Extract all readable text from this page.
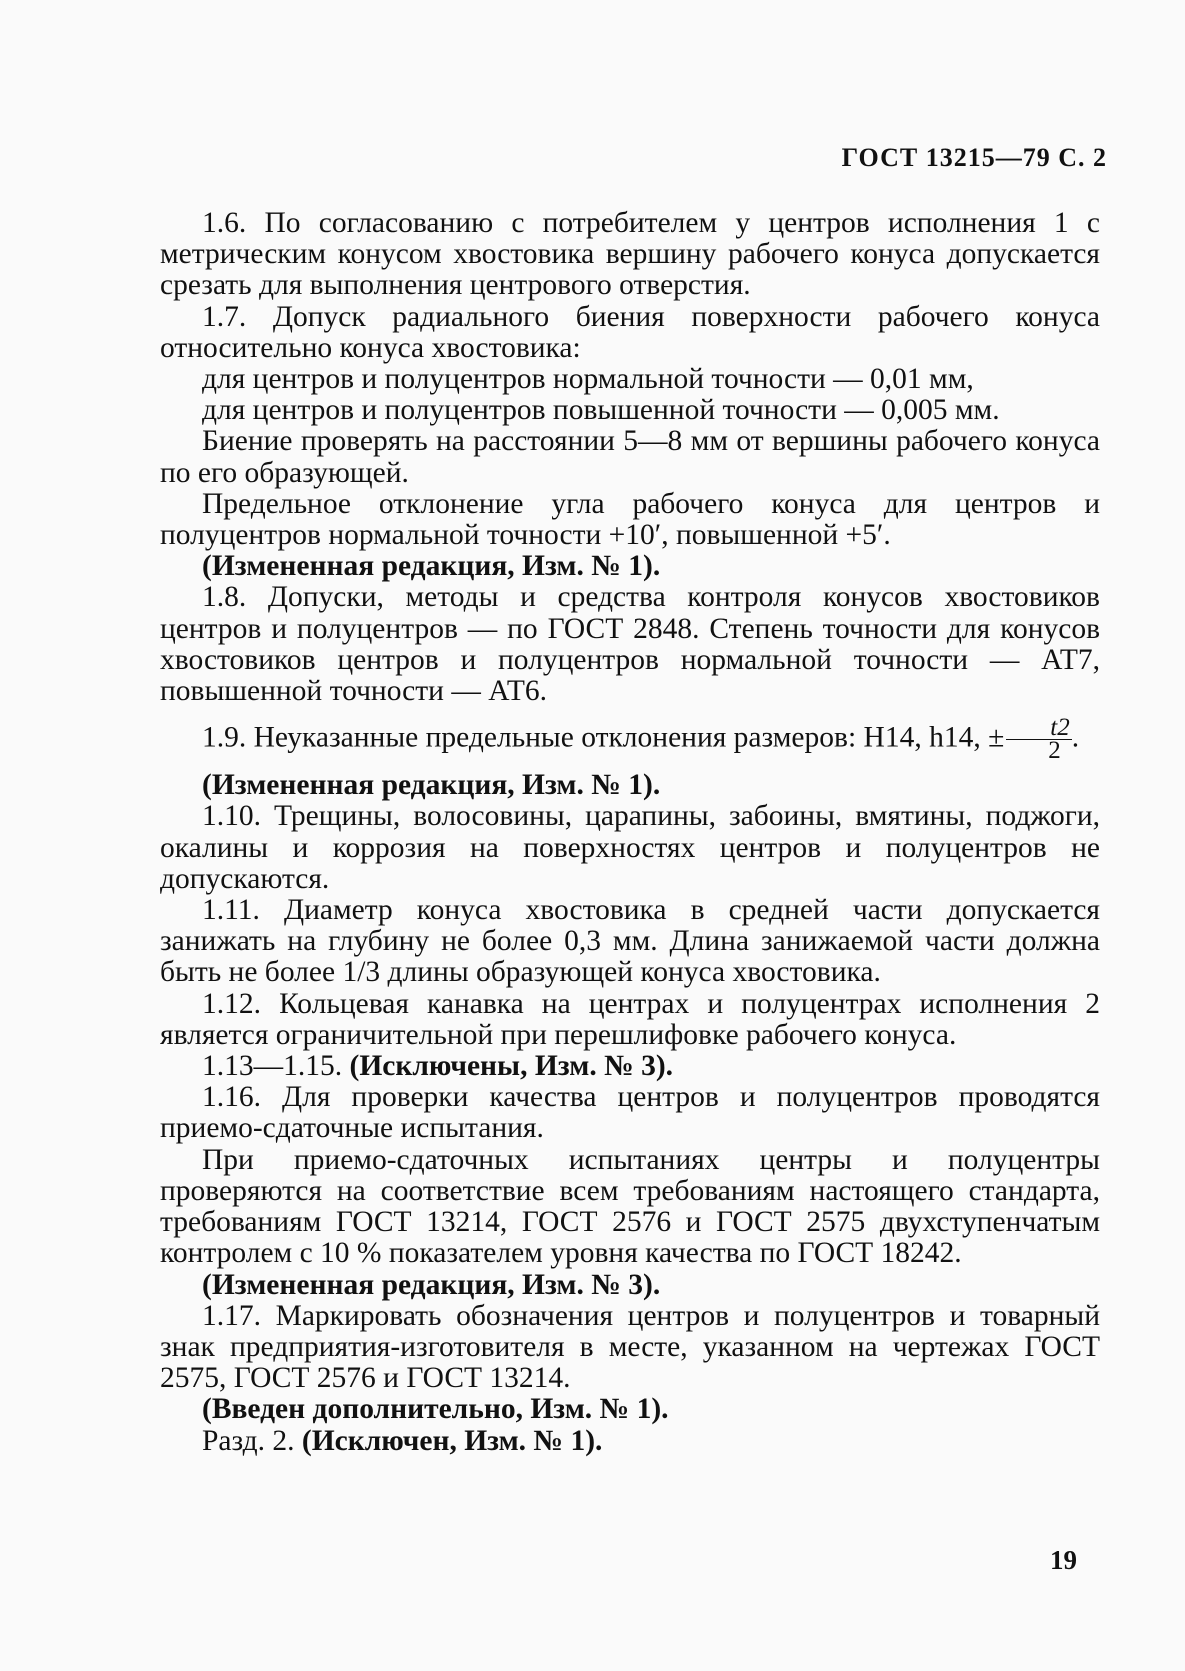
ГОСТ 13215—79 С. 2

1.6. По согласованию с потребителем у центров исполнения 1 с метрическим конусом хвостовика вершину рабочего конуса допускается срезать для выполнения центрового отверстия.

1.7. Допуск радиального биения поверхности рабочего конуса относительно конуса хвостовика:

для центров и полуцентров нормальной точности — 0,01 мм,

для центров и полуцентров повышенной точности — 0,005 мм.

Биение проверять на расстоянии 5—8 мм от вершины рабочего конуса по его образующей.

Предельное отклонение угла рабочего конуса для центров и полуцентров нормальной точности +10′, повышенной +5′.

(Измененная редакция, Изм. № 1).

1.8. Допуски, методы и средства контроля конусов хвостовиков центров и полуцентров — по ГОСТ 2848. Степень точности для конусов хвостовиков центров и полуцентров нормальной точности — АТ7, повышенной точности — АТ6.

1.9. Неуказанные предельные отклонения размеров: H14, h14, ± $\frac{t2}{2}$ .

(Измененная редакция, Изм. № 1).

1.10. Трещины, волосовины, царапины, забоины, вмятины, поджоги, окалины и коррозия на поверхностях центров и полуцентров не допускаются.

1.11. Диаметр конуса хвостовика в средней части допускается занижать на глубину не более 0,3 мм. Длина занижаемой части должна быть не более 1/3 длины образующей конуса хвостовика.

1.12. Кольцевая канавка на центрах и полуцентрах исполнения 2 является ограничительной при перешлифовке рабочего конуса.

1.13—1.15. (Исключены, Изм. № 3).

1.16. Для проверки качества центров и полуцентров проводятся приемо-сдаточные испытания.

При приемо-сдаточных испытаниях центры и полуцентры проверяются на соответствие всем требованиям настоящего стандарта, требованиям ГОСТ 13214, ГОСТ 2576 и ГОСТ 2575 двухступенчатым контролем с 10 % показателем уровня качества по ГОСТ 18242.

(Измененная редакция, Изм. № 3).

1.17. Маркировать обозначения центров и полуцентров и товарный знак предприятия-изготовителя в месте, указанном на чертежах ГОСТ 2575, ГОСТ 2576 и ГОСТ 13214.

(Введен дополнительно, Изм. № 1).

Разд. 2. (Исключен, Изм. № 1).

19
